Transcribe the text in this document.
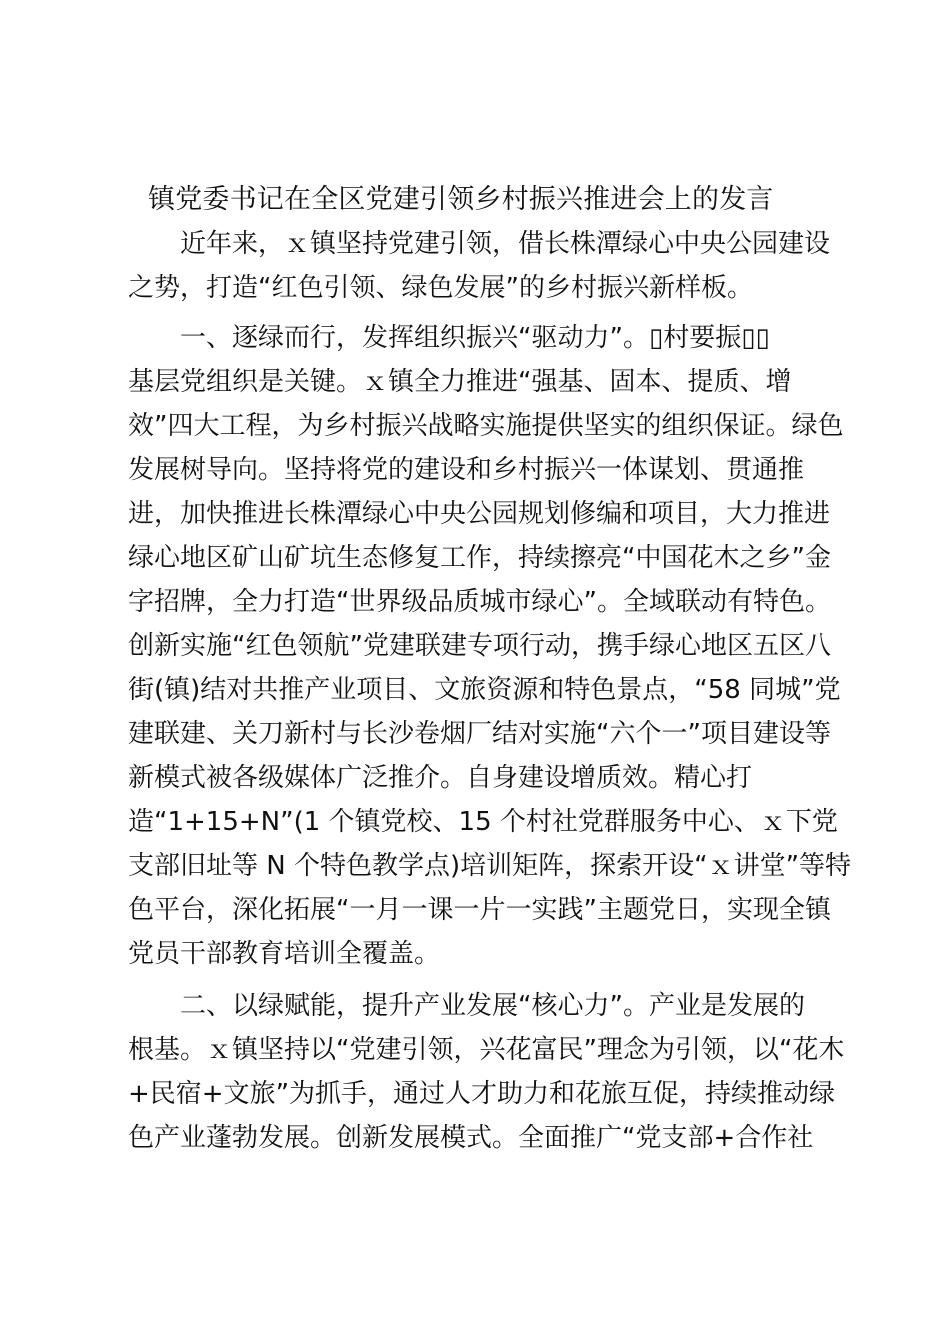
镇党委书记在全区党建引领乡村振兴推进会上的发言
近年来，ｘ镇坚持党建引领，借长株潭绿心中央公园建设
之势，打造“红色引领、绿色发展”的乡村振兴新样板。
一、逐绿而行，发挥组织振兴“驱动力”。▯村要振▯▯
基层党组织是关键。ｘ镇全力推进“强基、固本、提质、增
效”四大工程，为乡村振兴战略实施提供坚实的组织保证。绿色
发展树导向。坚持将党的建设和乡村振兴一体谋划、贯通推
进，加快推进长株潭绿心中央公园规划修编和项目，大力推进
绿心地区矿山矿坑生态修复工作，持续擦亮“中国花木之乡”金
字招牌，全力打造“世界级品质城市绿心”。全域联动有特色。
创新实施“红色领航”党建联建专项行动，携手绿心地区五区八
街(镇)结对共推产业项目、文旅资源和特色景点，“58 同城”党
建联建、关刀新村与长沙卷烟厂结对实施“六个一”项目建设等
新模式被各级媒体广泛推介。自身建设增质效。精心打
造“1+15+N”(1 个镇党校、15 个村社党群服务中心、ｘ下党
支部旧址等 N 个特色教学点)培训矩阵，探索开设“ｘ讲堂”等特
色平台，深化拓展“一月一课一片一实践”主题党日，实现全镇
党员干部教育培训全覆盖。
二、以绿赋能，提升产业发展“核心力”。产业是发展的
根基。ｘ镇坚持以“党建引领，兴花富民”理念为引领，以“花木
+民宿+文旅”为抓手，通过人才助力和花旅互促，持续推动绿
色产业蓬勃发展。创新发展模式。全面推广“党支部+合作社
